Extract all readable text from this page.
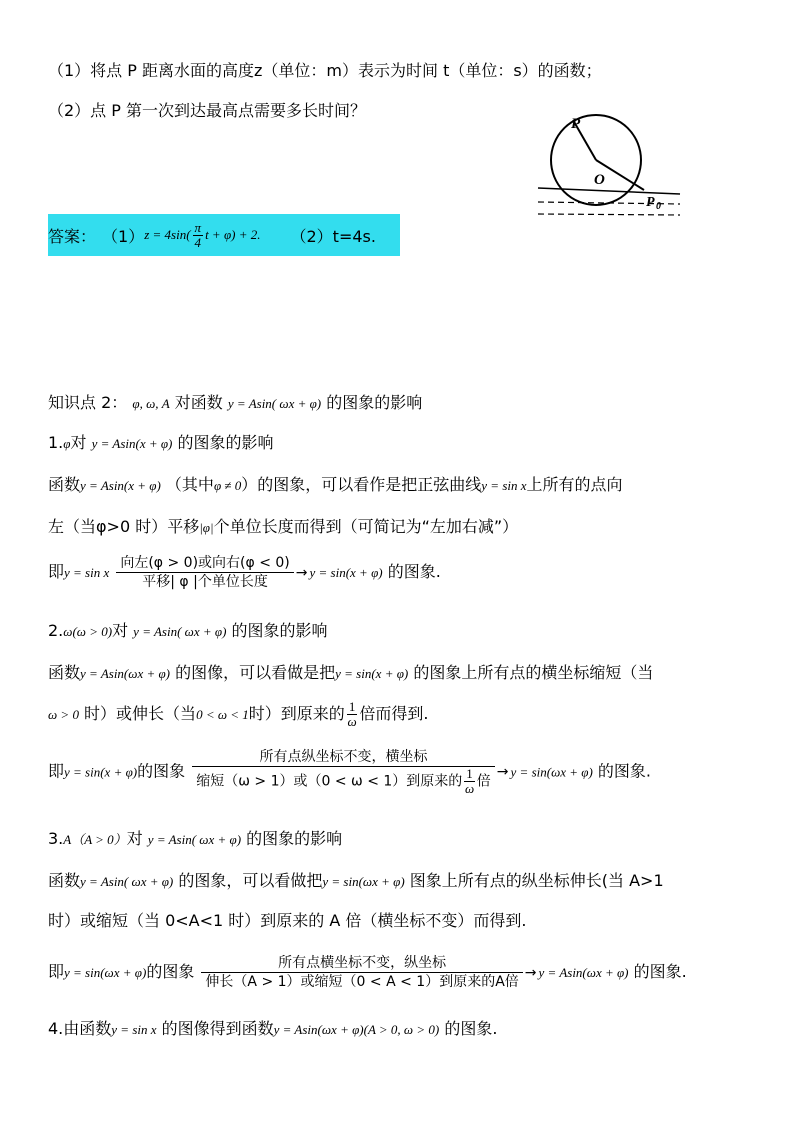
（1）将点 P 距离水面的高度z（单位：m）表示为时间 t（单位：s）的函数；
（2）点 P 第一次到达最高点需要多长时间？
P
O
P 0
答案： （1） $z = 4\sin( \frac{\pi}{4}$ t + φ) + 2. （2）t=4s.
知识点 2： φ, ω, A 对函数 y = Asin( ωx + φ) 的图象的影响
1.φ对 y = Asin(x + φ) 的图象的影响
函数y = Asin(x + φ) （其中φ ≠ 0）的图象，可以看作是把正弦曲线y = sin x上所有的点向
左（当φ>0 时）平移|φ|个单位长度而得到（可简记为“左加右减”）
即y = sin x
向左(φ > 0)或向右(φ < 0)
平移| φ |个单位长度
→ y = sin(x + φ) 的图象.
2.ω(ω > 0)对 y = Asin( ωx + φ) 的图象的影响
函数y = Asin(ωx + φ) 的图像，可以看做是把y = sin(x + φ) 的图象上所有点的横坐标缩短（当
ω > 0 时）或伸长（当0 < ω < 1时）到原来的 $\frac{1}{\omega}$ 倍而得到.
即y = sin(x + φ)的图象
所有点纵坐标不变，横坐标
缩短（ω > 1）或（0 < ω < 1）到原来的 $\frac{1}{\omega}$ 倍
→ y = sin(ωx + φ) 的图象.
3.A（A > 0）对 y = Asin( ωx + φ) 的图象的影响
函数y = Asin( ωx + φ) 的图象，可以看做把y = sin(ωx + φ) 图象上所有点的纵坐标伸长(当 A>1
时）或缩短（当 0<A<1 时）到原来的 A 倍（横坐标不变）而得到.
即y = sin(ωx + φ)的图象	所有点横坐标不变，纵坐标
伸长（A > 1）或缩短（0 < A < 1）到原来的A倍
→ y = Asin(ωx + φ) 的图象.
4.由函数y = sin x 的图像得到函数y = Asin(ωx + φ)(A > 0, ω > 0) 的图象.
